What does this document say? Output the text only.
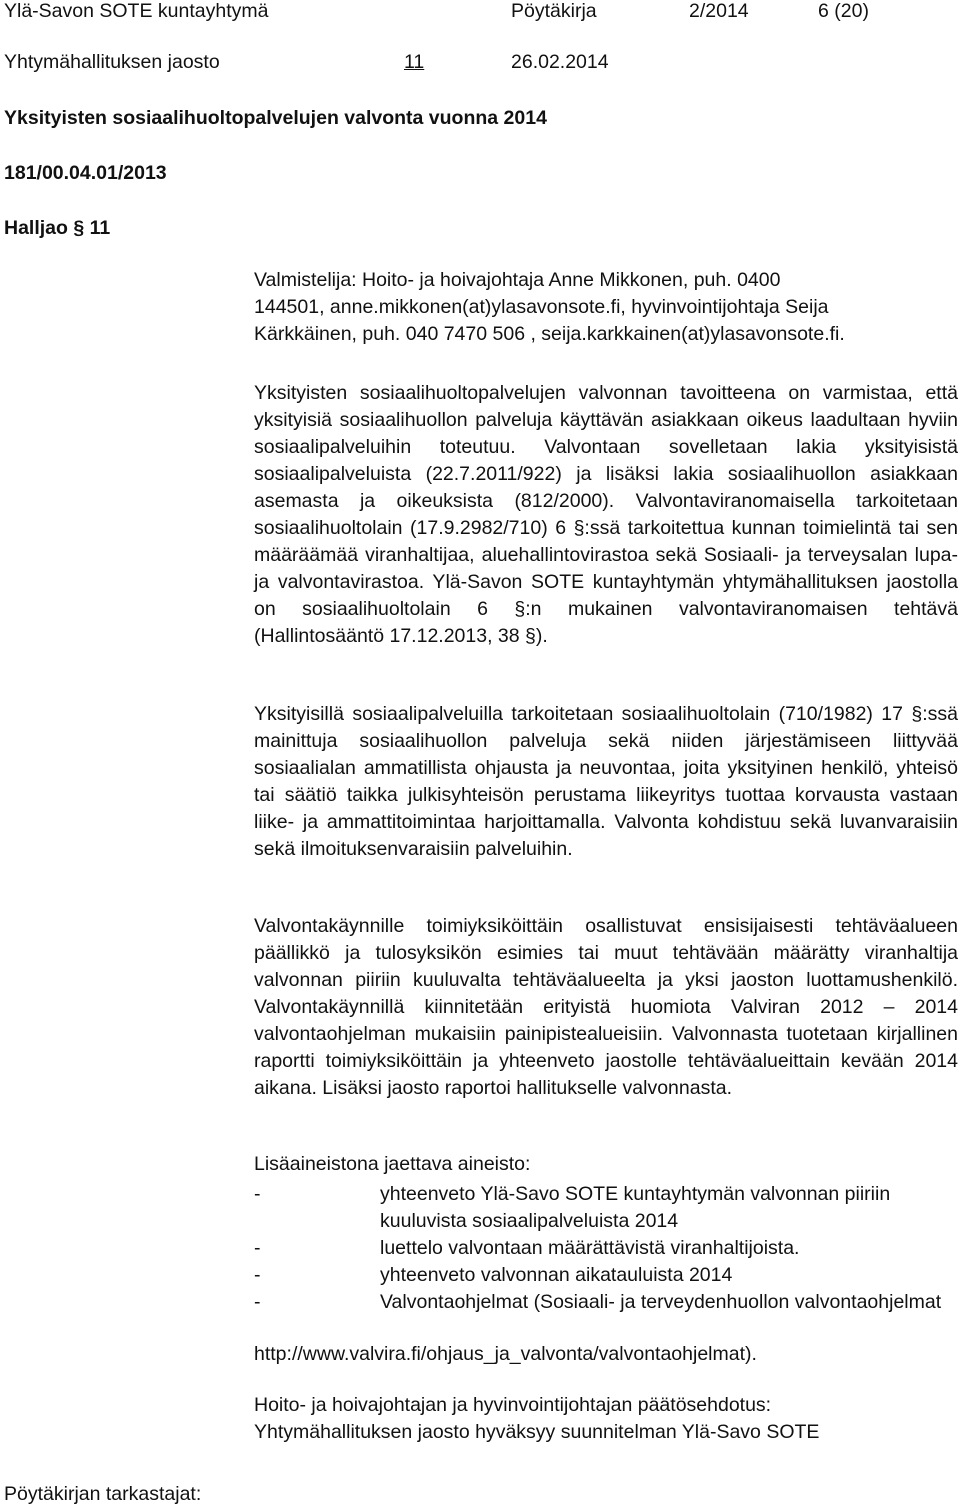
Ylä-Savon SOTE kuntayhtymä	Pöytäkirja	2/2014	6 (20)
Yhtymähallituksen jaosto	11	26.02.2014
Yksityisten sosiaalihuoltopalvelujen valvonta vuonna 2014
181/00.04.01/2013
Halljao § 11
Valmistelija: Hoito- ja hoivajohtaja Anne Mikkonen, puh. 0400
144501, anne.mikkonen(at)ylasavonsote.fi, hyvinvointijohtaja Seija
Kärkkäinen, puh. 040 7470 506 , seija.karkkainen(at)ylasavonsote.fi.
Yksityisten sosiaalihuoltopalvelujen valvonnan tavoitteena on varmistaa, että yksityisiä sosiaalihuollon palveluja käyttävän asiakkaan oikeus laadultaan hyviin sosiaalipalveluihin toteutuu. Valvontaan sovelletaan lakia yksityisistä sosiaalipalveluista (22.7.2011/922) ja lisäksi lakia sosiaalihuollon asiakkaan asemasta ja oikeuksista (812/2000). Valvontaviranomaisella tarkoitetaan sosiaalihuoltolain (17.9.2982/710) 6 §:ssä tarkoitettua kunnan toimielintä tai sen määräämää viranhaltijaa, aluehallintovirastoa sekä Sosiaali- ja terveysalan lupa- ja valvontavirastoa. Ylä-Savon SOTE kuntayhtymän yhtymähallituksen jaostolla on sosiaalihuoltolain 6 §:n mukainen valvontaviranomaisen tehtävä (Hallintosääntö 17.12.2013, 38 §).
Yksityisillä sosiaalipalveluilla tarkoitetaan sosiaalihuoltolain (710/1982) 17 §:ssä mainittuja sosiaalihuollon palveluja sekä niiden järjestämiseen liittyvää sosiaalialan ammatillista ohjausta ja neuvontaa, joita yksityinen henkilö, yhteisö tai säätiö taikka julkisyhteisön perustama liikeyritys tuottaa korvausta vastaan liike- ja ammattitoimintaa harjoittamalla. Valvonta kohdistuu sekä luvanvaraisiin sekä ilmoituksenvaraisiin palveluihin.
Valvontakäynnille toimiyksiköittäin osallistuvat ensisijaisesti tehtäväalueen päällikkö ja tulosyksikön esimies tai muut tehtävään määrätty viranhaltija valvonnan piiriin kuuluvalta tehtäväalueelta ja yksi jaoston luottamushenkilö. Valvontakäynnillä kiinnitetään erityistä huomiota Valviran 2012 – 2014 valvontaohjelman mukaisiin painipistealueisiin. Valvonnasta tuotetaan kirjallinen raportti toimiyksiköittäin ja yhteenveto jaostolle tehtäväalueittain kevään 2014 aikana. Lisäksi jaosto raportoi hallitukselle valvonnasta.
Lisäaineistona jaettava aineisto:
-	yhteenveto Ylä-Savo SOTE kuntayhtymän valvonnan piiriin kuuluvista sosiaalipalveluista 2014
-	luettelo valvontaan määrättävistä viranhaltijoista.
-	yhteenveto valvonnan aikatauluista 2014
-	Valvontaohjelmat (Sosiaali- ja terveydenhuollon valvontaohjelmat
http://www.valvira.fi/ohjaus_ja_valvonta/valvontaohjelmat).
Hoito- ja hoivajohtajan ja hyvinvointijohtajan päätösehdotus:
Yhtymähallituksen jaosto hyväksyy suunnitelman Ylä-Savo SOTE
Pöytäkirjan tarkastajat:
